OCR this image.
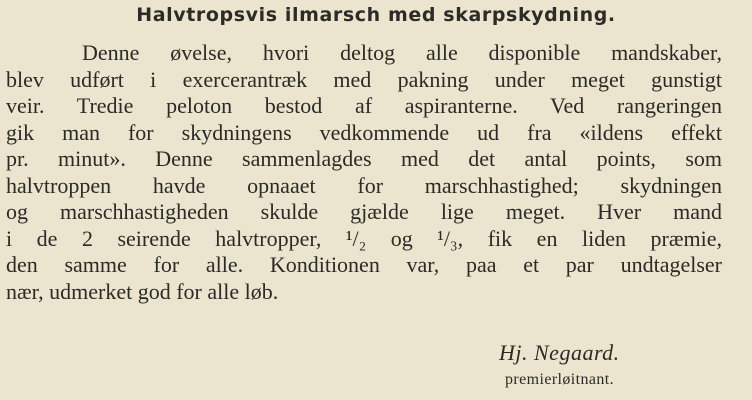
Halvtropsvis ilmarsch med skarpskydning.
Denne øvelse, hvori deltog alle disponible mandskaber,
blev udført i exercerantræk med pakning under meget gunstigt
veir. Tredie peloton bestod af aspiranterne. Ved rangeringen
gik man for skydningens vedkommende ud fra «ildens effekt
pr. minut». Denne sammenlagdes med det antal points, som
halvtroppen havde opnaaet for marschhastighed; skydningen
og marschhastigheden skulde gjælde lige meget. Hver mand
i de 2 seirende halvtropper, ¹/₂ og ¹/₃, fik en liden præmie,
den samme for alle. Konditionen var, paa et par undtagelser
nær, udmerket god for alle løb.
Hj. Negaard.
premierløitnant.
